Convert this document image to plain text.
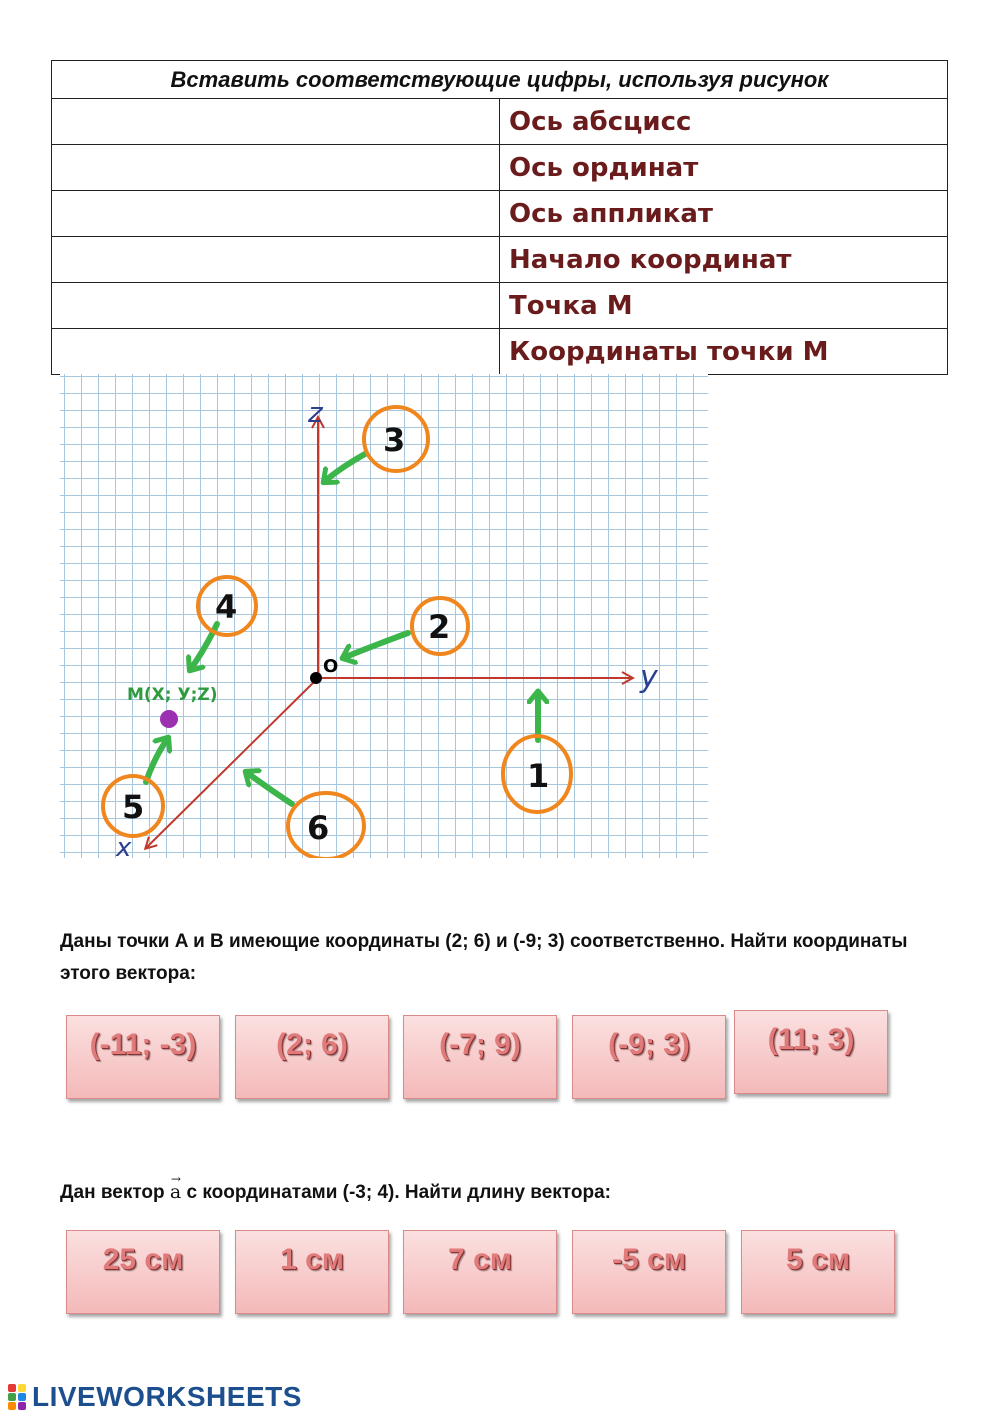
Вставить соответствующие цифры, используя рисунок	
	Ось абсцисс
	Ось ординат
	Ось аппликат
	Начало координат
	Точка M
	Координаты точки M
z
y
x
O
M(X; У;Z)
3
4
2
1
5
6
Даны точки A и B имеющие координаты (2; 6) и (-9; 3) соответственно. Найти координаты этого вектора:
(-11; -3)	(2; 6)	(-7; 9)	(-9; 3)	(11; 3)
Дан вектор → a с координатами (-3; 4). Найти длину вектора:
25 см	1 см	7 см	-5 см	5 см
LIVEWORKSHEETS
